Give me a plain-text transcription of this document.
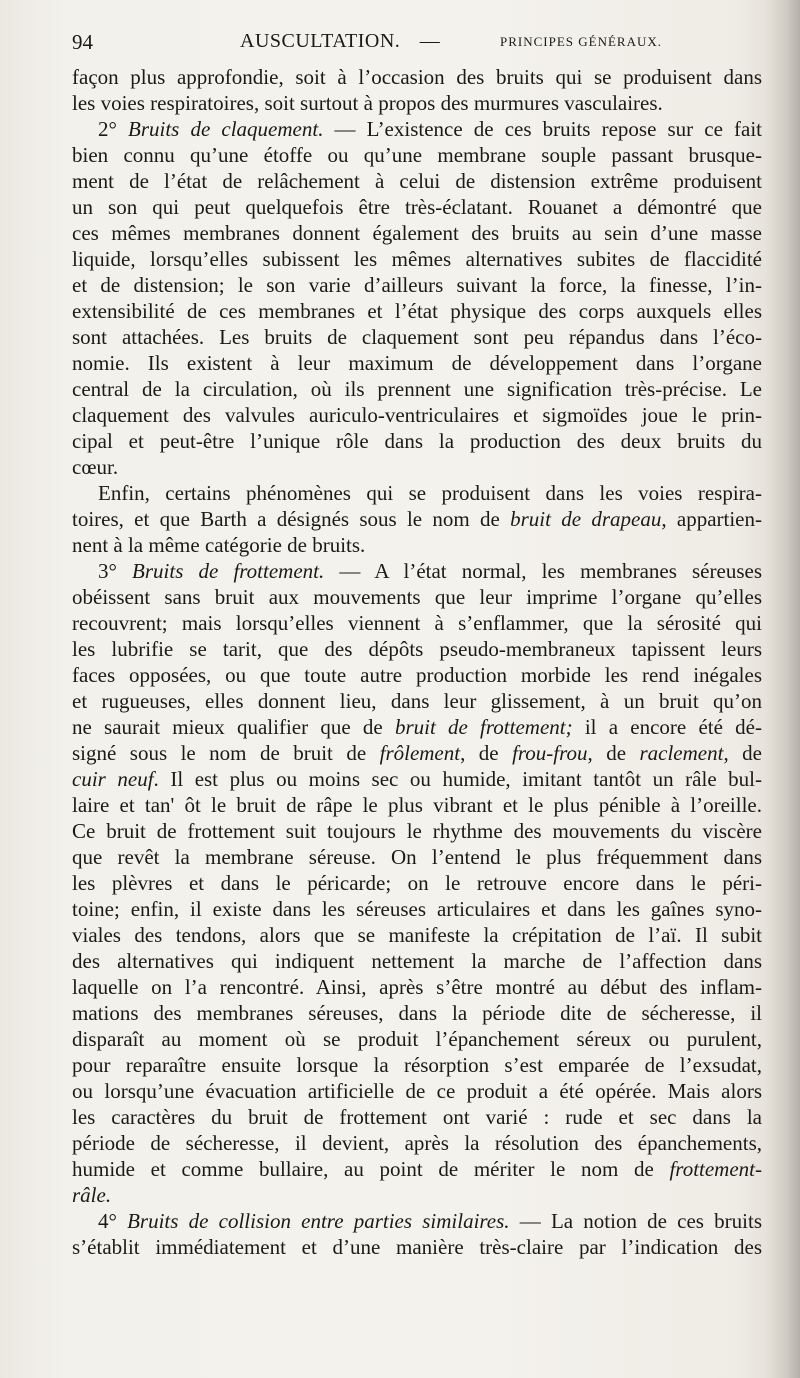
94	AUSCULTATION. —	PRINCIPES GÉNÉRAUX.
façon plus approfondie, soit à l’occasion des bruits qui se produisent dans
les voies respiratoires, soit surtout à propos des murmures vasculaires.
2° Bruits de claquement. — L’existence de ces bruits repose sur ce fait
bien connu qu’une étoffe ou qu’une membrane souple passant brusque-
ment de l’état de relâchement à celui de distension extrême produisent
un son qui peut quelquefois être très-éclatant. Rouanet a démontré que
ces mêmes membranes donnent également des bruits au sein d’une masse
liquide, lorsqu’elles subissent les mêmes alternatives subites de flaccidité
et de distension; le son varie d’ailleurs suivant la force, la finesse, l’in-
extensibilité de ces membranes et l’état physique des corps auxquels elles
sont attachées. Les bruits de claquement sont peu répandus dans l’éco-
nomie. Ils existent à leur maximum de développement dans l’organe
central de la circulation, où ils prennent une signification très-précise. Le
claquement des valvules auriculo-ventriculaires et sigmoïdes joue le prin-
cipal et peut-être l’unique rôle dans la production des deux bruits du
cœur.
Enfin, certains phénomènes qui se produisent dans les voies respira-
toires, et que Barth a désignés sous le nom de bruit de drapeau, appartien-
nent à la même catégorie de bruits.
3° Bruits de frottement. — A l’état normal, les membranes séreuses
obéissent sans bruit aux mouvements que leur imprime l’organe qu’elles
recouvrent; mais lorsqu’elles viennent à s’enflammer, que la sérosité qui
les lubrifie se tarit, que des dépôts pseudo-membraneux tapissent leurs
faces opposées, ou que toute autre production morbide les rend inégales
et rugueuses, elles donnent lieu, dans leur glissement, à un bruit qu’on
ne saurait mieux qualifier que de bruit de frottement; il a encore été dé-
signé sous le nom de bruit de frôlement, de frou-frou, de raclement, de
cuir neuf. Il est plus ou moins sec ou humide, imitant tantôt un râle bul-
laire et tan' ôt le bruit de râpe le plus vibrant et le plus pénible à l’oreille.
Ce bruit de frottement suit toujours le rhythme des mouvements du viscère
que revêt la membrane séreuse. On l’entend le plus fréquemment dans
les plèvres et dans le péricarde; on le retrouve encore dans le péri-
toine; enfin, il existe dans les séreuses articulaires et dans les gaînes syno-
viales des tendons, alors que se manifeste la crépitation de l’aï. Il subit
des alternatives qui indiquent nettement la marche de l’affection dans
laquelle on l’a rencontré. Ainsi, après s’être montré au début des inflam-
mations des membranes séreuses, dans la période dite de sécheresse, il
disparaît au moment où se produit l’épanchement séreux ou purulent,
pour reparaître ensuite lorsque la résorption s’est emparée de l’exsudat,
ou lorsqu’une évacuation artificielle de ce produit a été opérée. Mais alors
les caractères du bruit de frottement ont varié : rude et sec dans la
période de sécheresse, il devient, après la résolution des épanchements,
humide et comme bullaire, au point de mériter le nom de frottement-
râle.
4° Bruits de collision entre parties similaires. — La notion de ces bruits
s’établit immédiatement et d’une manière très-claire par l’indication des
